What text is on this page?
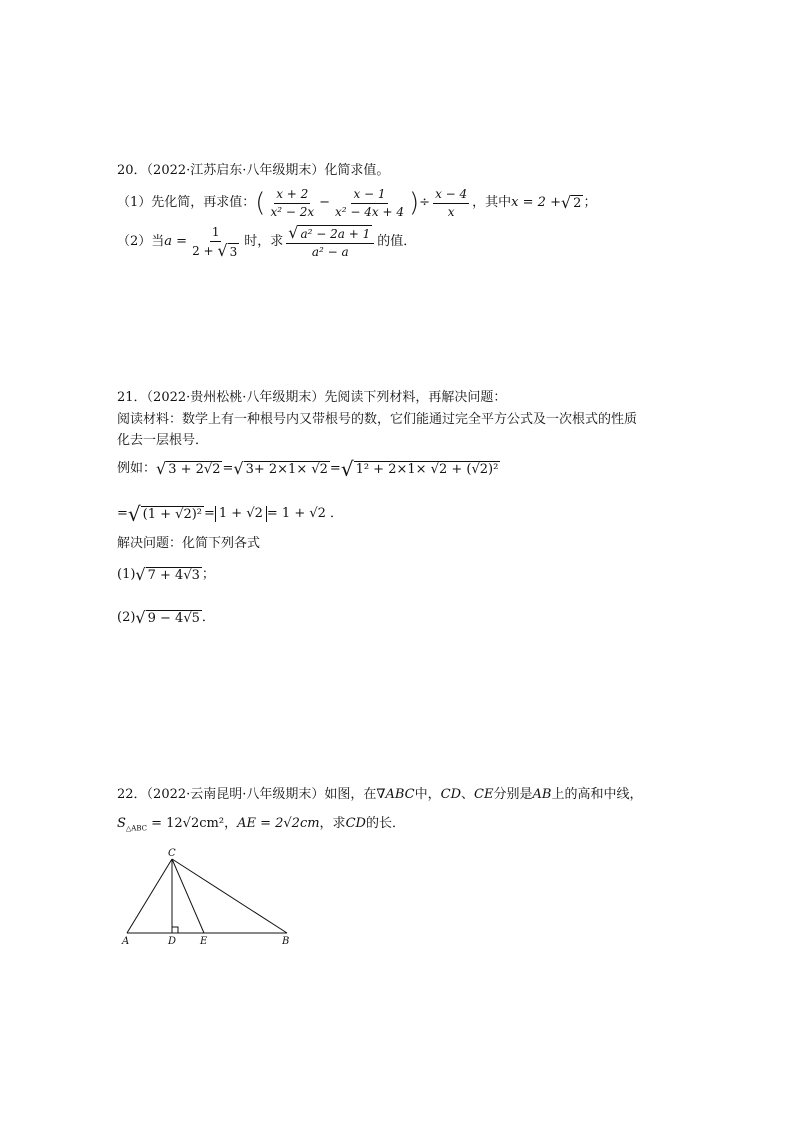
20．（2022·江苏启东·八年级期末）化简求值。
（1）先化简，再求值： ( $\frac{x + 2}{\text{x² − 2x}} - \frac{x - 1}{\text{x² − 4x + 4}}$ ) ÷ $\frac{x - 4}{x}$ ，其中 x = 2 + √ 2 ；
（2）当 $a = \frac{1}{2 + √ 3}$ 时，求 $\frac{\text{√ a² − 2a + 1}}{\text{a² − a}}$ 的值．
21．（2022·贵州松桃·八年级期末）先阅读下列材料，再解决问题：
阅读材料：数学上有一种根号内又带根号的数，它们能通过完全平方公式及一次根式的性质
化去一层根号．
例如： √ 3 + 2√2 = √ 3+ 2×1× √2 = √ 1² + 2×1× √2 + (√2)²
= √ (1 + √2)² = 1 + √2 = 1 + √2 ．
解决问题：化简下列各式
(1) √ 7 + 4√3 ；
(2) √ 9 − 4√5 ．
22．（2022·云南昆明·八年级期末）如图，在∇ABC中，CD、CE分别是AB上的高和中线，
$S_{\triangle ABC} = 12√2cm^2$，AE = 2√2cm，求CD的长．
C
A	D E	B
